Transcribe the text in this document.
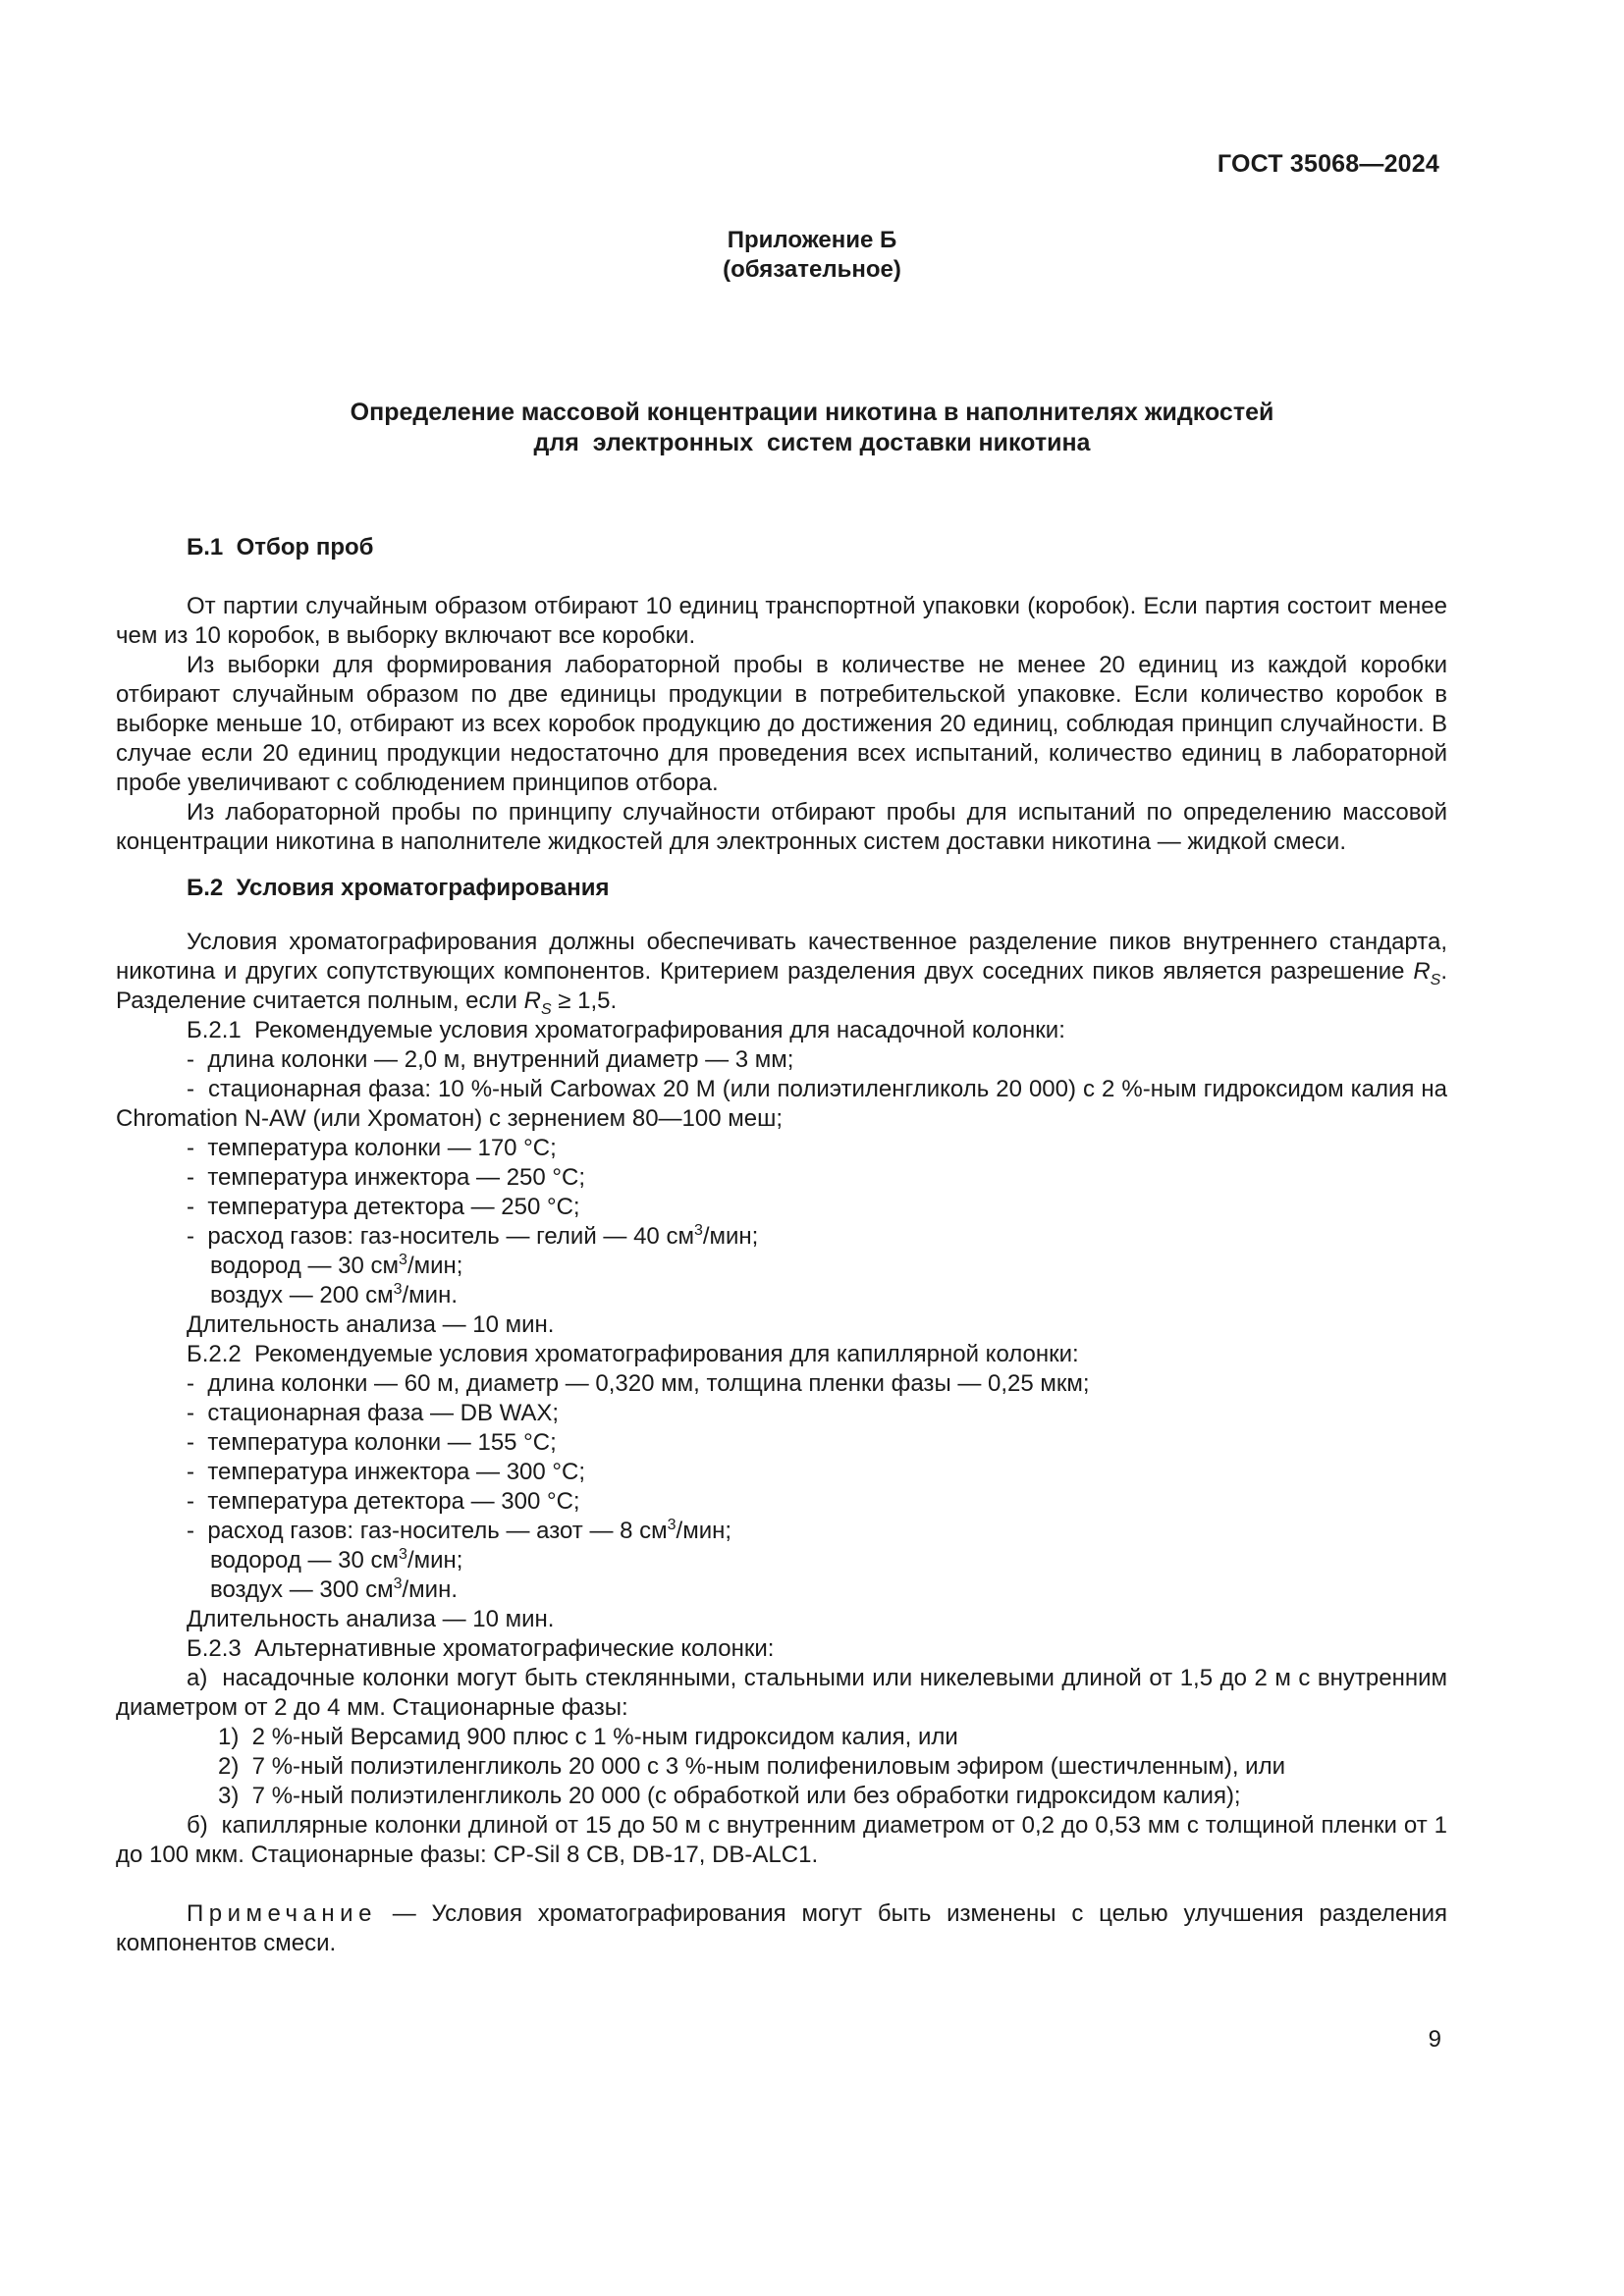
ГОСТ 35068—2024
Приложение Б
(обязательное)
Определение массовой концентрации никотина в наполнителях жидкостей
для  электронных  систем доставки никотина
Б.1  Отбор проб
От партии случайным образом отбирают 10 единиц транспортной упаковки (коробок). Если партия состоит менее чем из 10 коробок, в выборку включают все коробки.
Из выборки для формирования лабораторной пробы в количестве не менее 20 единиц из каждой коробки отбирают случайным образом по две единицы продукции в потребительской упаковке. Если количество коробок в выборке меньше 10, отбирают из всех коробок продукцию до достижения 20 единиц, соблюдая принцип случайности. В случае если 20 единиц продукции недостаточно для проведения всех испытаний, количество единиц в лабораторной пробе увеличивают с соблюдением принципов отбора.
Из лабораторной пробы по принципу случайности отбирают пробы для испытаний по определению массовой концентрации никотина в наполнителе жидкостей для электронных систем доставки никотина — жидкой смеси.
Б.2  Условия хроматографирования
Условия хроматографирования должны обеспечивать качественное разделение пиков внутреннего стандарта, никотина и других сопутствующих компонентов. Критерием разделения двух соседних пиков является разрешение $R_S$. Разделение считается полным, если $R_S \ge 1,5$.
Б.2.1  Рекомендуемые условия хроматографирования для насадочной колонки:
-  длина колонки — 2,0 м, внутренний диаметр — 3 мм;
-  стационарная фаза: 10 %-ный Carbowax 20 M (или полиэтиленгликоль 20 000) с 2 %-ным гидроксидом калия на Chromation N-AW (или Хроматон) с зернением 80—100 меш;
-  температура колонки — 170 °С;
-  температура инжектора — 250 °С;
-  температура детектора — 250 °С;
-  расход газов: газ-носитель — гелий — 40 $см^3$/мин;
водород — 30 $см^3$/мин;
воздух — 200 $см^3$/мин.
Длительность анализа — 10 мин.
Б.2.2  Рекомендуемые условия хроматографирования для капиллярной колонки:
-  длина колонки — 60 м, диаметр — 0,320 мм, толщина пленки фазы — 0,25 мкм;
-  стационарная фаза — DB WAX;
-  температура колонки — 155 °С;
-  температура инжектора — 300 °С;
-  температура детектора — 300 °С;
-  расход газов: газ-носитель — азот — 8 $см^3$/мин;
водород — 30 $см^3$/мин;
воздух — 300 $см^3$/мин.
Длительность анализа — 10 мин.
Б.2.3  Альтернативные хроматографические колонки:
а)  насадочные колонки могут быть стеклянными, стальными или никелевыми длиной от 1,5 до 2 м с внутренним диаметром от 2 до 4 мм. Стационарные фазы:
1)  2 %-ный Версамид 900 плюс с 1 %-ным гидроксидом калия, или
2)  7 %-ный полиэтиленгликоль 20 000 с 3 %-ным полифениловым эфиром (шестичленным), или
3)  7 %-ный полиэтиленгликоль 20 000 (с обработкой или без обработки гидроксидом калия);
б)  капиллярные колонки длиной от 15 до 50 м с внутренним диаметром от 0,2 до 0,53 мм с толщиной пленки от 1 до 100 мкм. Стационарные фазы: CP-Sil 8 CB, DB-17, DB-ALC1.
Примечание — Условия хроматографирования могут быть изменены с целью улучшения разделения компонентов смеси.
9
